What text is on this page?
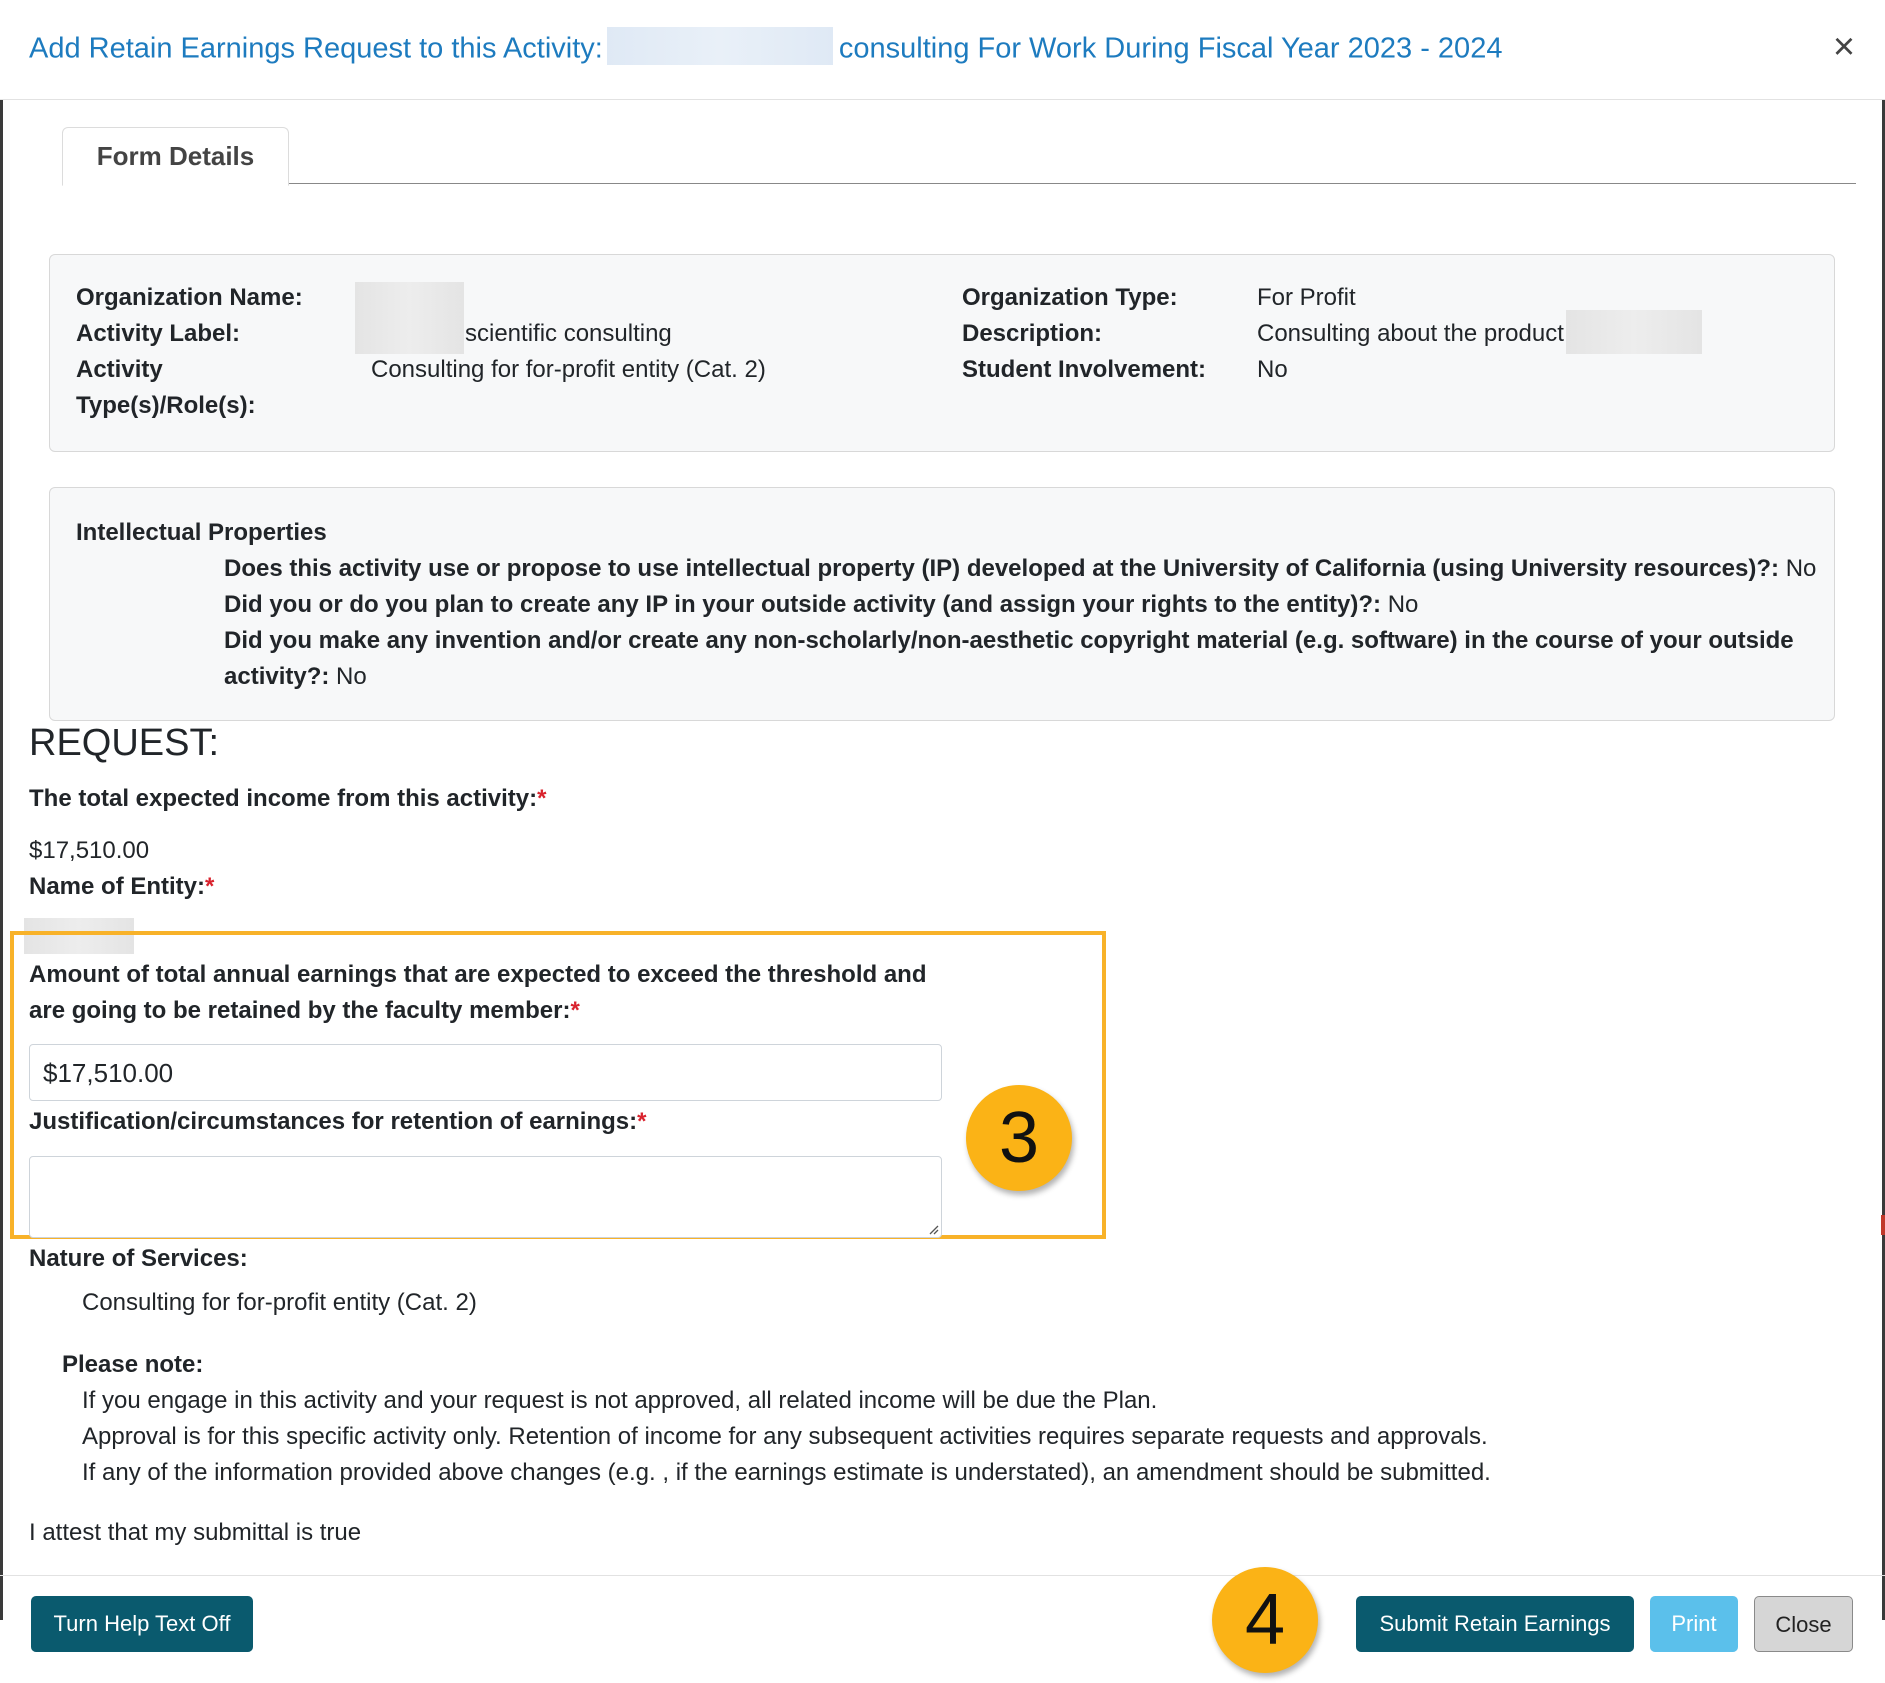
Add Retain Earnings Request to this Activity:	consulting For Work During Fiscal Year 2023 - 2024	×
Form Details
Organization Name:
Activity Label:	scientific consulting
Activity
Type(s)/Role(s):
Consulting for for-profit entity (Cat. 2)
Organization Type:	For Profit
Description:	Consulting about the product
Student Involvement: No
Intellectual Properties
Does this activity use or propose to use intellectual property (IP) developed at the University of California (using University resources)?: No
Did you or do you plan to create any IP in your outside activity (and assign your rights to the entity)?: No
Did you make any invention and/or create any non-scholarly/non-aesthetic copyright material (e.g. software) in the course of your outside
activity?: No
REQUEST:
The total expected income from this activity:*
$17,510.00
Name of Entity:*
Amount of total annual earnings that are expected to exceed the threshold and
are going to be retained by the faculty member:*
$17,510.00
Justification/circumstances for retention of earnings:*	3
Nature of Services:
Consulting for for-profit entity (Cat. 2)
Please note:
If you engage in this activity and your request is not approved, all related income will be due the Plan.
Approval is for this specific activity only. Retention of income for any subsequent activities requires separate requests and approvals.
If any of the information provided above changes (e.g. , if the earnings estimate is understated), an amendment should be submitted.
I attest that my submittal is true
Turn Help Text Off	4	Submit Retain Earnings	Print	Close
